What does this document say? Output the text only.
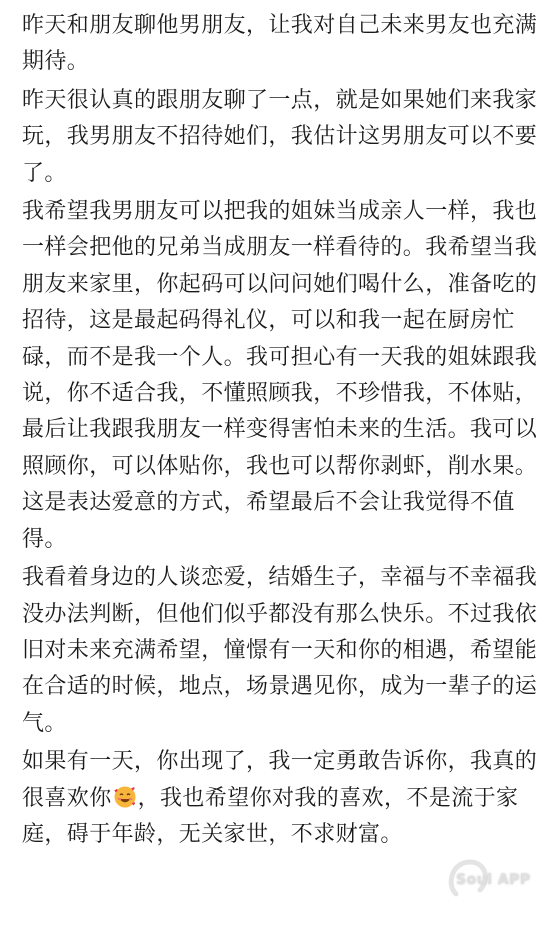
昨天和朋友聊他男朋友，让我对自己未来男友也充满期待。

昨天很认真的跟朋友聊了一点，就是如果她们来我家玩，我男朋友不招待她们，我估计这男朋友可以不要了。

我希望我男朋友可以把我的姐妹当成亲人一样，我也一样会把他的兄弟当成朋友一样看待的。我希望当我朋友来家里，你起码可以问问她们喝什么，准备吃的招待，这是最起码得礼仪，可以和我一起在厨房忙碌，而不是我一个人。我可担心有一天我的姐妹跟我说，你不适合我，不懂照顾我，不珍惜我，不体贴，最后让我跟我朋友一样变得害怕未来的生活。我可以照顾你，可以体贴你，我也可以帮你剥虾，削水果。这是表达爱意的方式，希望最后不会让我觉得不值得。

我看着身边的人谈恋爱，结婚生子，幸福与不幸福我没办法判断，但他们似乎都没有那么快乐。不过我依旧对未来充满希望，憧憬有一天和你的相遇，希望能在合适的时候，地点，场景遇见你，成为一辈子的运气。

如果有一天，你出现了，我一定勇敢告诉你，我真的很喜欢你 ，我也希望你对我的喜欢，不是流于家庭，碍于年龄，无关家世，不求财富。

Soul APP
